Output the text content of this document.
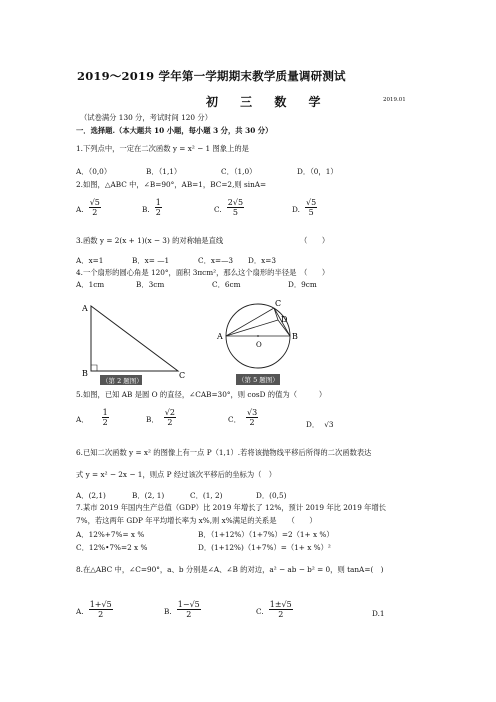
2019～2019 学年第一学期期末教学质量调研测试
初 三 数 学	2019.01
（试卷满分 130 分，考试时间 120 分）
一．选择题.（本大题共 10 小题，每小题 3 分，共 30 分）
1.下列点中，一定在二次函数 y = x² − 1 图象上的是
A．（0,0）	B．（1,1）	C．（1,0）	D．（0，1）
2.如图，△ABC 中，∠B=90°，AB=1，BC=2,则 sinA=
A. $\frac{√5}{2}$	B. $\frac{1}{2}$	C. $\frac{2√5}{5}$	D. $\frac{√5}{5}$
3.函数 y = 2(x + 1)(x − 3) 的对称轴是直线	（　　）
A．x=1	B．x= —1	C．x=—3 D．x=3
4.一个扇形的圆心角是 120°，面积 3πcm²，那么这个扇形的半径是　（　　）
A．1cm	B．3cm	C．6cm	D．9cm
A
B	C
（第 2 题图）
A	B
C
D
O
（第 5 题图）
5.如图，已知 AB 是圆 O 的直径，∠CAB=30°，则 cosD 的值为（　　　）
A． $\frac{1}{2}$	B． $\frac{√2}{2}$	C． $\frac{√3}{2}$	D． √3
6.已知二次函数 y = x² 的图像上有一点 P（1,1）.若将该抛物线平移后所得的二次函数表达
式 y = x² − 2x − 1，则点 P 经过该次平移后的坐标为（　）
A．(2,1)	B．(2, 1)	C．(1, 2)	D．(0,5)
7.某市 2019 年国内生产总值（GDP）比 2019 年增长了 12%，预计 2019 年比 2019 年增长
7%，若这两年 GDP 年平均增长率为 x%,则 x%满足的关系是　　（　　）
A．12%+7%= x %	B．（1+12%）（1+7%）=2（1+ x %）
C．12%•7%=2 x %	D．(1+12%)（1+7%）=（1+ x %）²
8.在△ABC 中，∠C=90°，a、b 分别是∠A、∠B 的对边，a² − ab − b² = 0，则 tanA=(　)
A. $\frac{1+√5}{2}$	B. $\frac{1-√5}{2}$	C. $\frac{1\pm√5}{2}$	D.1
